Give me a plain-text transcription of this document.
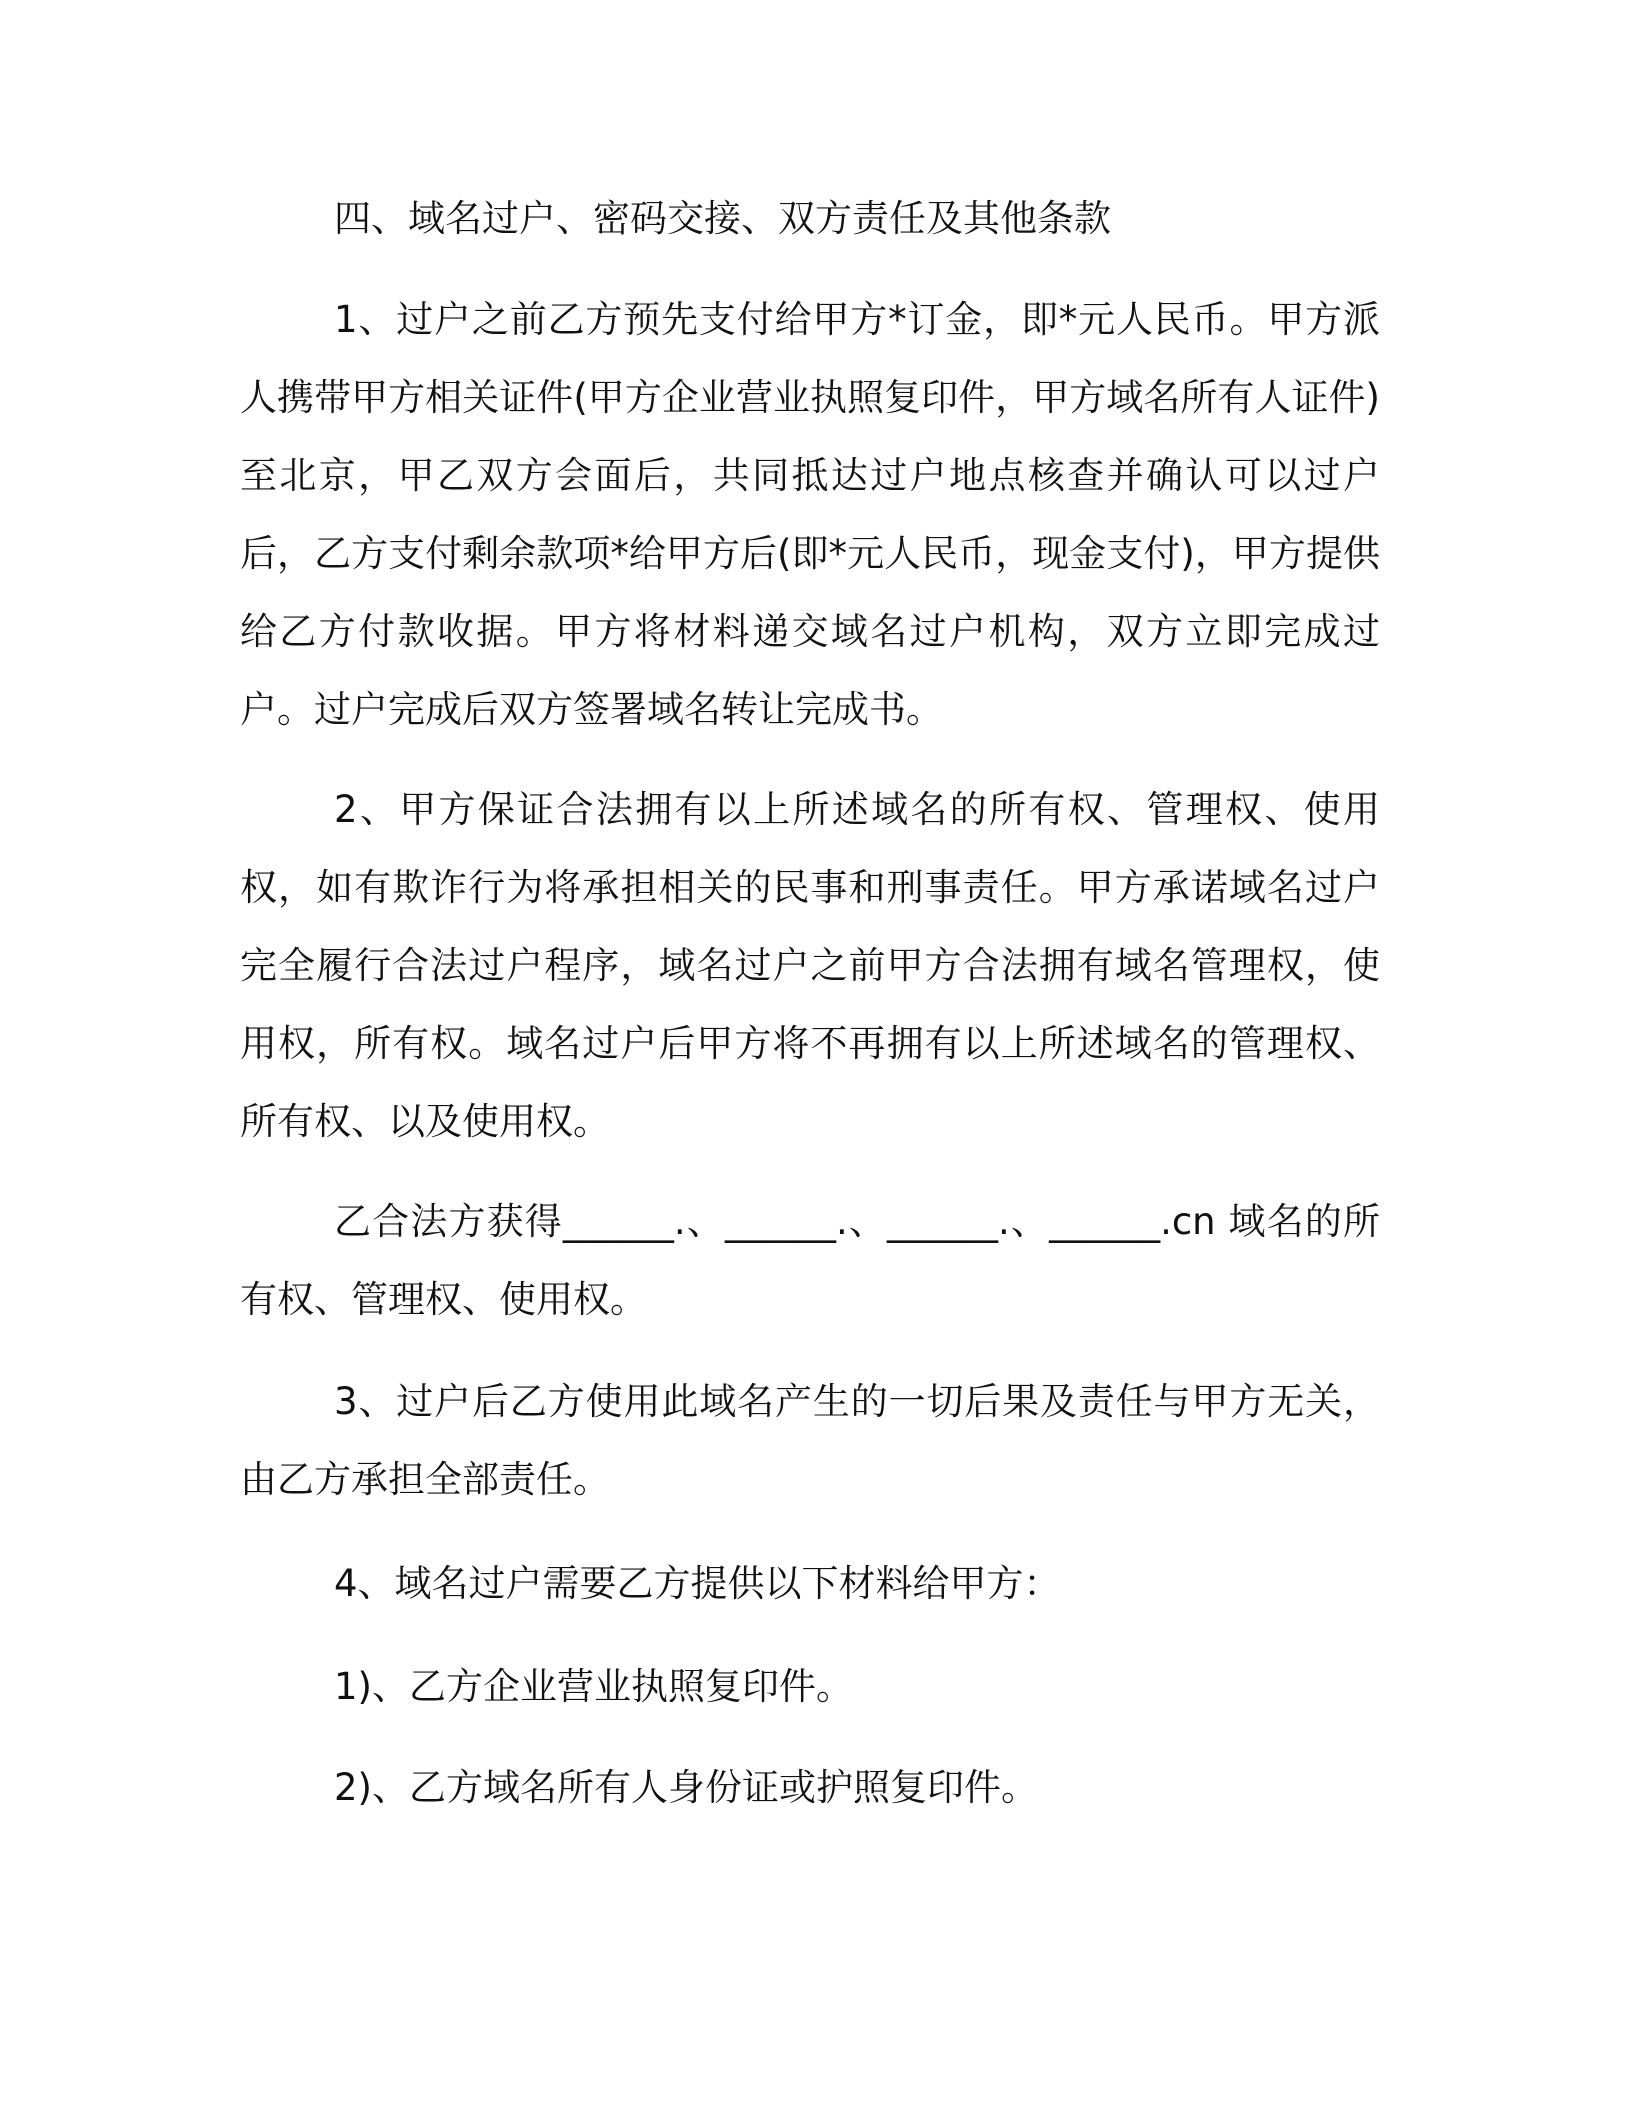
四、域名过户、密码交接、双方责任及其他条款

1、过户之前乙方预先支付给甲方*订金，即*元人民币。甲方派人携带甲方相关证件(甲方企业营业执照复印件，甲方域名所有人证件)至北京，甲乙双方会面后，共同抵达过户地点核查并确认可以过户后，乙方支付剩余款项*给甲方后(即*元人民币，现金支付)，甲方提供给乙方付款收据。甲方将材料递交域名过户机构，双方立即完成过户。过户完成后双方签署域名转让完成书。

2、甲方保证合法拥有以上所述域名的所有权、管理权、使用权，如有欺诈行为将承担相关的民事和刑事责任。甲方承诺域名过户完全履行合法过户程序，域名过户之前甲方合法拥有域名管理权，使用权，所有权。域名过户后甲方将不再拥有以上所述域名的管理权、所有权、以及使用权。

乙合法方获得______.、______.、______.、______.cn 域名的所有权、管理权、使用权。

3、过户后乙方使用此域名产生的一切后果及责任与甲方无关，由乙方承担全部责任。

4、域名过户需要乙方提供以下材料给甲方：

1)、乙方企业营业执照复印件。

2)、乙方域名所有人身份证或护照复印件。
